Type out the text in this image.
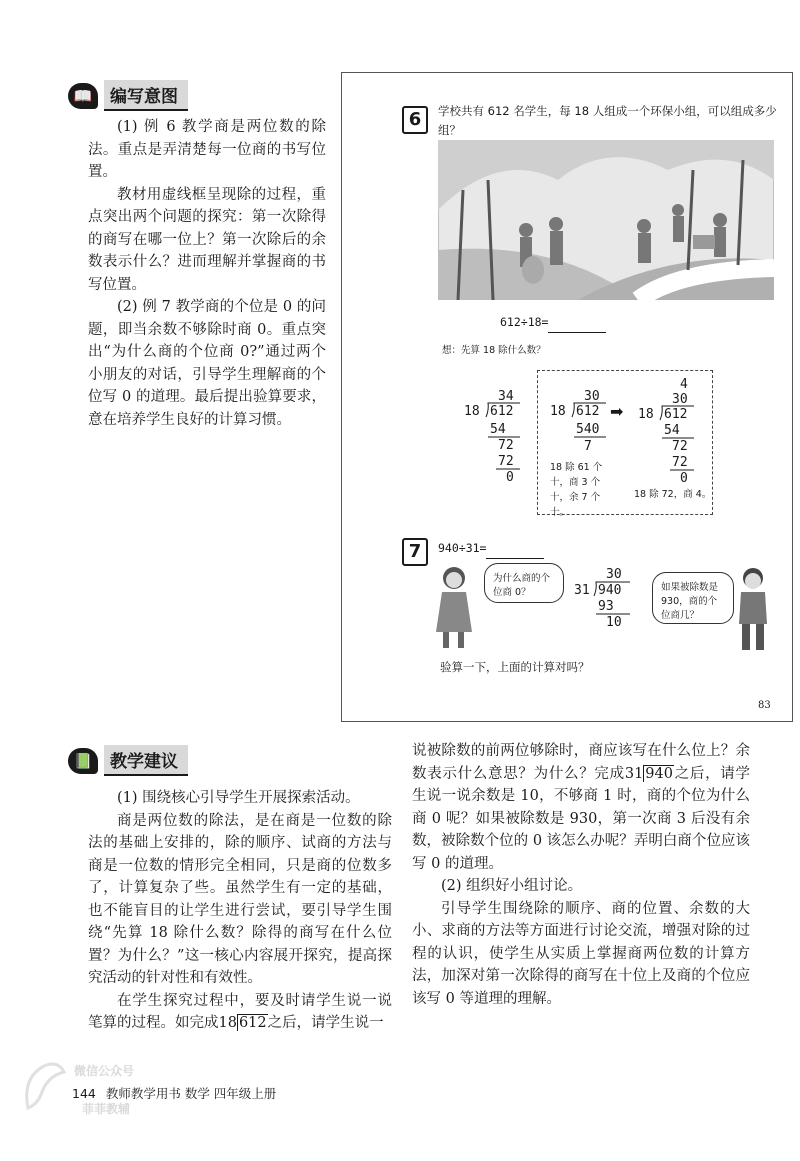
📖	编写意图

(1) 例 6 教学商是两位数的除法。重点是弄清楚每一位商的书写位置。

教材用虚线框呈现除的过程，重点突出两个问题的探究：第一次除得的商写在哪一位上？第一次除后的余数表示什么？进而理解并掌握商的书写位置。

(2) 例 7 教学商的个位是 0 的问题，即当余数不够除时商 0。重点突出“为什么商的个位商 0?”通过两个小朋友的对话，引导学生理解商的个位写 0 的道理。最后提出验算要求，意在培养学生良好的计算习惯。

6	学校共有 612 名学生，每 18 人组成一个环保小组，可以组成多少组？
612÷18=
想：先算 18 除什么数？
34
18 612
54
72
72
0
30
18 612
540
7
18 除 61 个十，商 3 个十，余 7 个十。
➡
4
30
18 612
54
72
72
0
18 除 72，商 4。
7	940÷31=
为什么商的个位商 0？
30
31 940
93
10
如果被除数是 930，商的个位商几？
验算一下，上面的计算对吗？
83
📗	教学建议

(1) 围绕核心引导学生开展探索活动。

商是两位数的除法，是在商是一位数的除法的基础上安排的，除的顺序、试商的方法与商是一位数的情形完全相同，只是商的位数多了，计算复杂了些。虽然学生有一定的基础，也不能盲目的让学生进行尝试，要引导学生围绕“先算 18 除什么数？除得的商写在什么位置？为什么？”这一核心内容展开探究，提高探究活动的针对性和有效性。

在学生探究过程中，要及时请学生说一说笔算的过程。如完成18 612之后，请学生说一

说被除数的前两位够除时，商应该写在什么位上？余数表示什么意思？为什么？完成31 940之后，请学生说一说余数是 10，不够商 1 时，商的个位为什么商 0 呢？如果被除数是 930，第一次商 3 后没有余数，被除数个位的 0 该怎么办呢？弄明白商个位应该写 0 的道理。

(2) 组织好小组讨论。

引导学生围绕除的顺序、商的位置、余数的大小、求商的方法等方面进行讨论交流，增强对除的过程的认识，使学生从实质上掌握商两位数的计算方法，加深对第一次除得的商写在十位上及商的个位应该写 0 等道理的理解。

144 教师教学用书 数学 四年级上册
微信公众号
菲菲教辅
